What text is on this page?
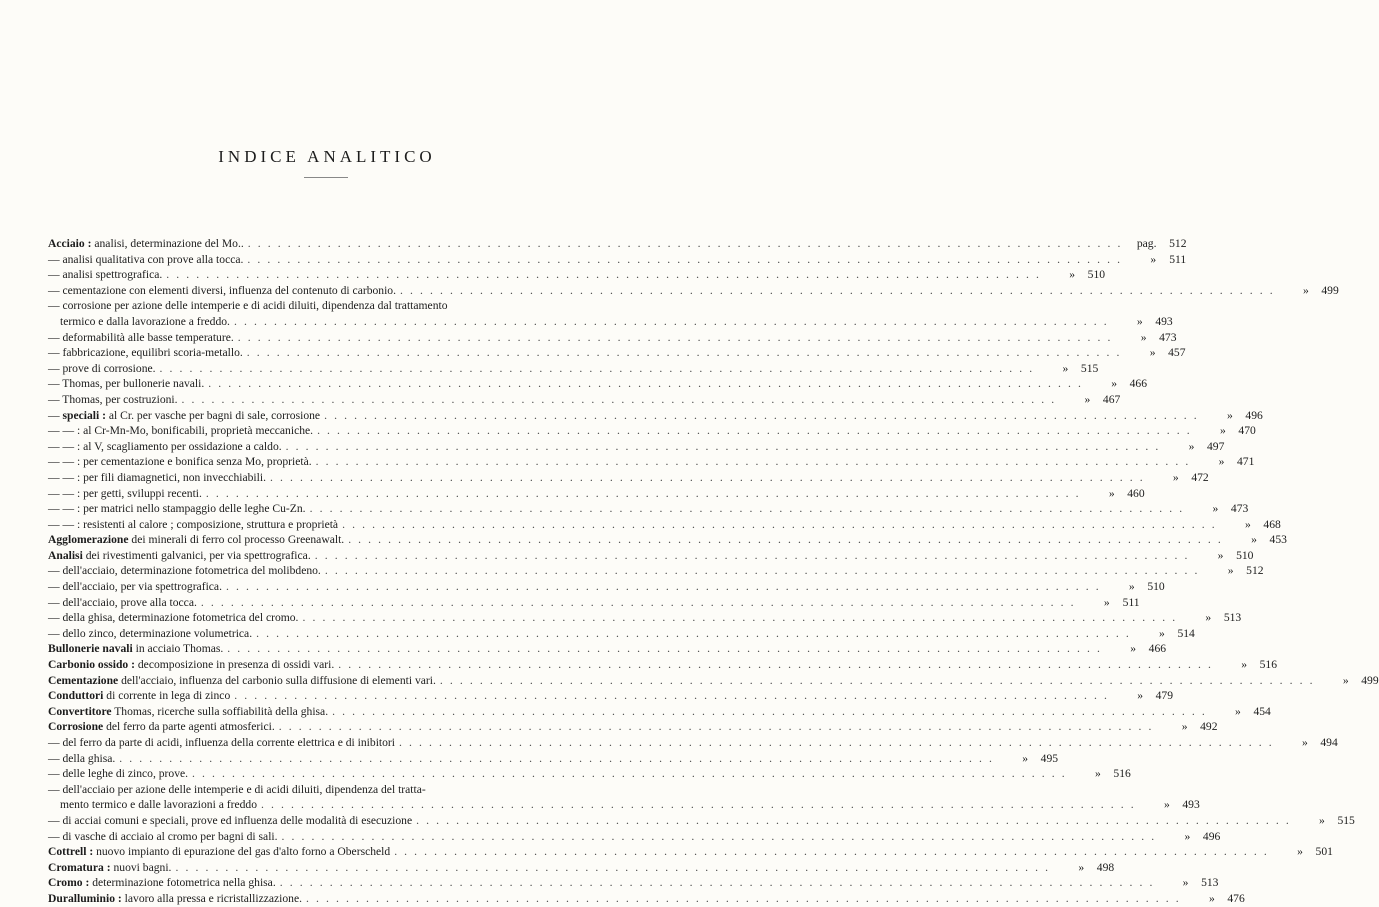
INDICE ANALITICO
Acciaio : analisi, determinazione del Mo.. . . .	pag.	512
— analisi qualitativa con prove alla tocca. . . .	»	511
— analisi spettrografica. . . .	»	510
— cementazione con elementi diversi, influenza del contenuto di carbonio. . . .	»	499
— corrosione per azione delle intemperie e di acidi diluiti, dipendenza dal trattamento
termico e dalla lavorazione a freddo. . . .	»	493
— deformabilità alle basse temperature. . . .	»	473
— fabbricazione, equilibri scoria-metallo. . . .	»	457
— prove di corrosione. . . .	»	515
— Thomas, per bullonerie navali. . . .	»	466
— Thomas, per costruzioni. . . .	»	467
— speciali : al Cr. per vasche per bagni di sale, corrosione . . .	»	496
— — : al Cr-Mn-Mo, bonificabili, proprietà meccaniche. . . .	»	470
— — : al V, scagliamento per ossidazione a caldo. . . .	»	497
— — : per cementazione e bonifica senza Mo, proprietà. . . .	»	471
— — : per fili diamagnetici, non invecchiabili. . . .	»	472
— — : per getti, sviluppi recenti. . . .	»	460
— — : per matrici nello stampaggio delle leghe Cu-Zn. . . .	»	473
— — : resistenti al calore ; composizione, struttura e proprietà . . .	»	468
Agglomerazione dei minerali di ferro col processo Greenawalt. . . .	»	453
Analisi dei rivestimenti galvanici, per via spettrografica. . . .	»	510
— dell'acciaio, determinazione fotometrica del molibdeno. . . .	»	512
— dell'acciaio, per via spettrografica. . . .	»	510
— dell'acciaio, prove alla tocca. . . .	»	511
— della ghisa, determinazione fotometrica del cromo. . . .	»	513
— dello zinco, determinazione volumetrica. . . .	»	514
Bullonerie navali in acciaio Thomas. . . .	»	466
Carbonio ossido : decomposizione in presenza di ossidi vari. . . .	»	516
Cementazione dell'acciaio, influenza del carbonio sulla diffusione di elementi vari. . . .	»	499
Conduttori di corrente in lega di zinco . . .	»	479
Convertitore Thomas, ricerche sulla soffiabilità della ghisa. . . .	»	454
Corrosione del ferro da parte agenti atmosferici. . . .	»	492
— del ferro da parte di acidi, influenza della corrente elettrica e di inibitori . . .	»	494
— della ghisa. . . .	»	495
— delle leghe di zinco, prove. . . .	»	516
— dell'acciaio per azione delle intemperie e di acidi diluiti, dipendenza del tratta-
mento termico e dalle lavorazioni a freddo . . .	»	493
— di acciai comuni e speciali, prove ed influenza delle modalità di esecuzione . . .	»	515
— di vasche di acciaio al cromo per bagni di sali. . . .	»	496
Cottrell : nuovo impianto di epurazione del gas d'alto forno a Oberscheld . . .	»	501
Cromatura : nuovi bagni. . . .	»	498
Cromo : determinazione fotometrica nella ghisa. . . .	»	513
Duralluminio : lavoro alla pressa e ricristallizzazione. . . .	»	476
